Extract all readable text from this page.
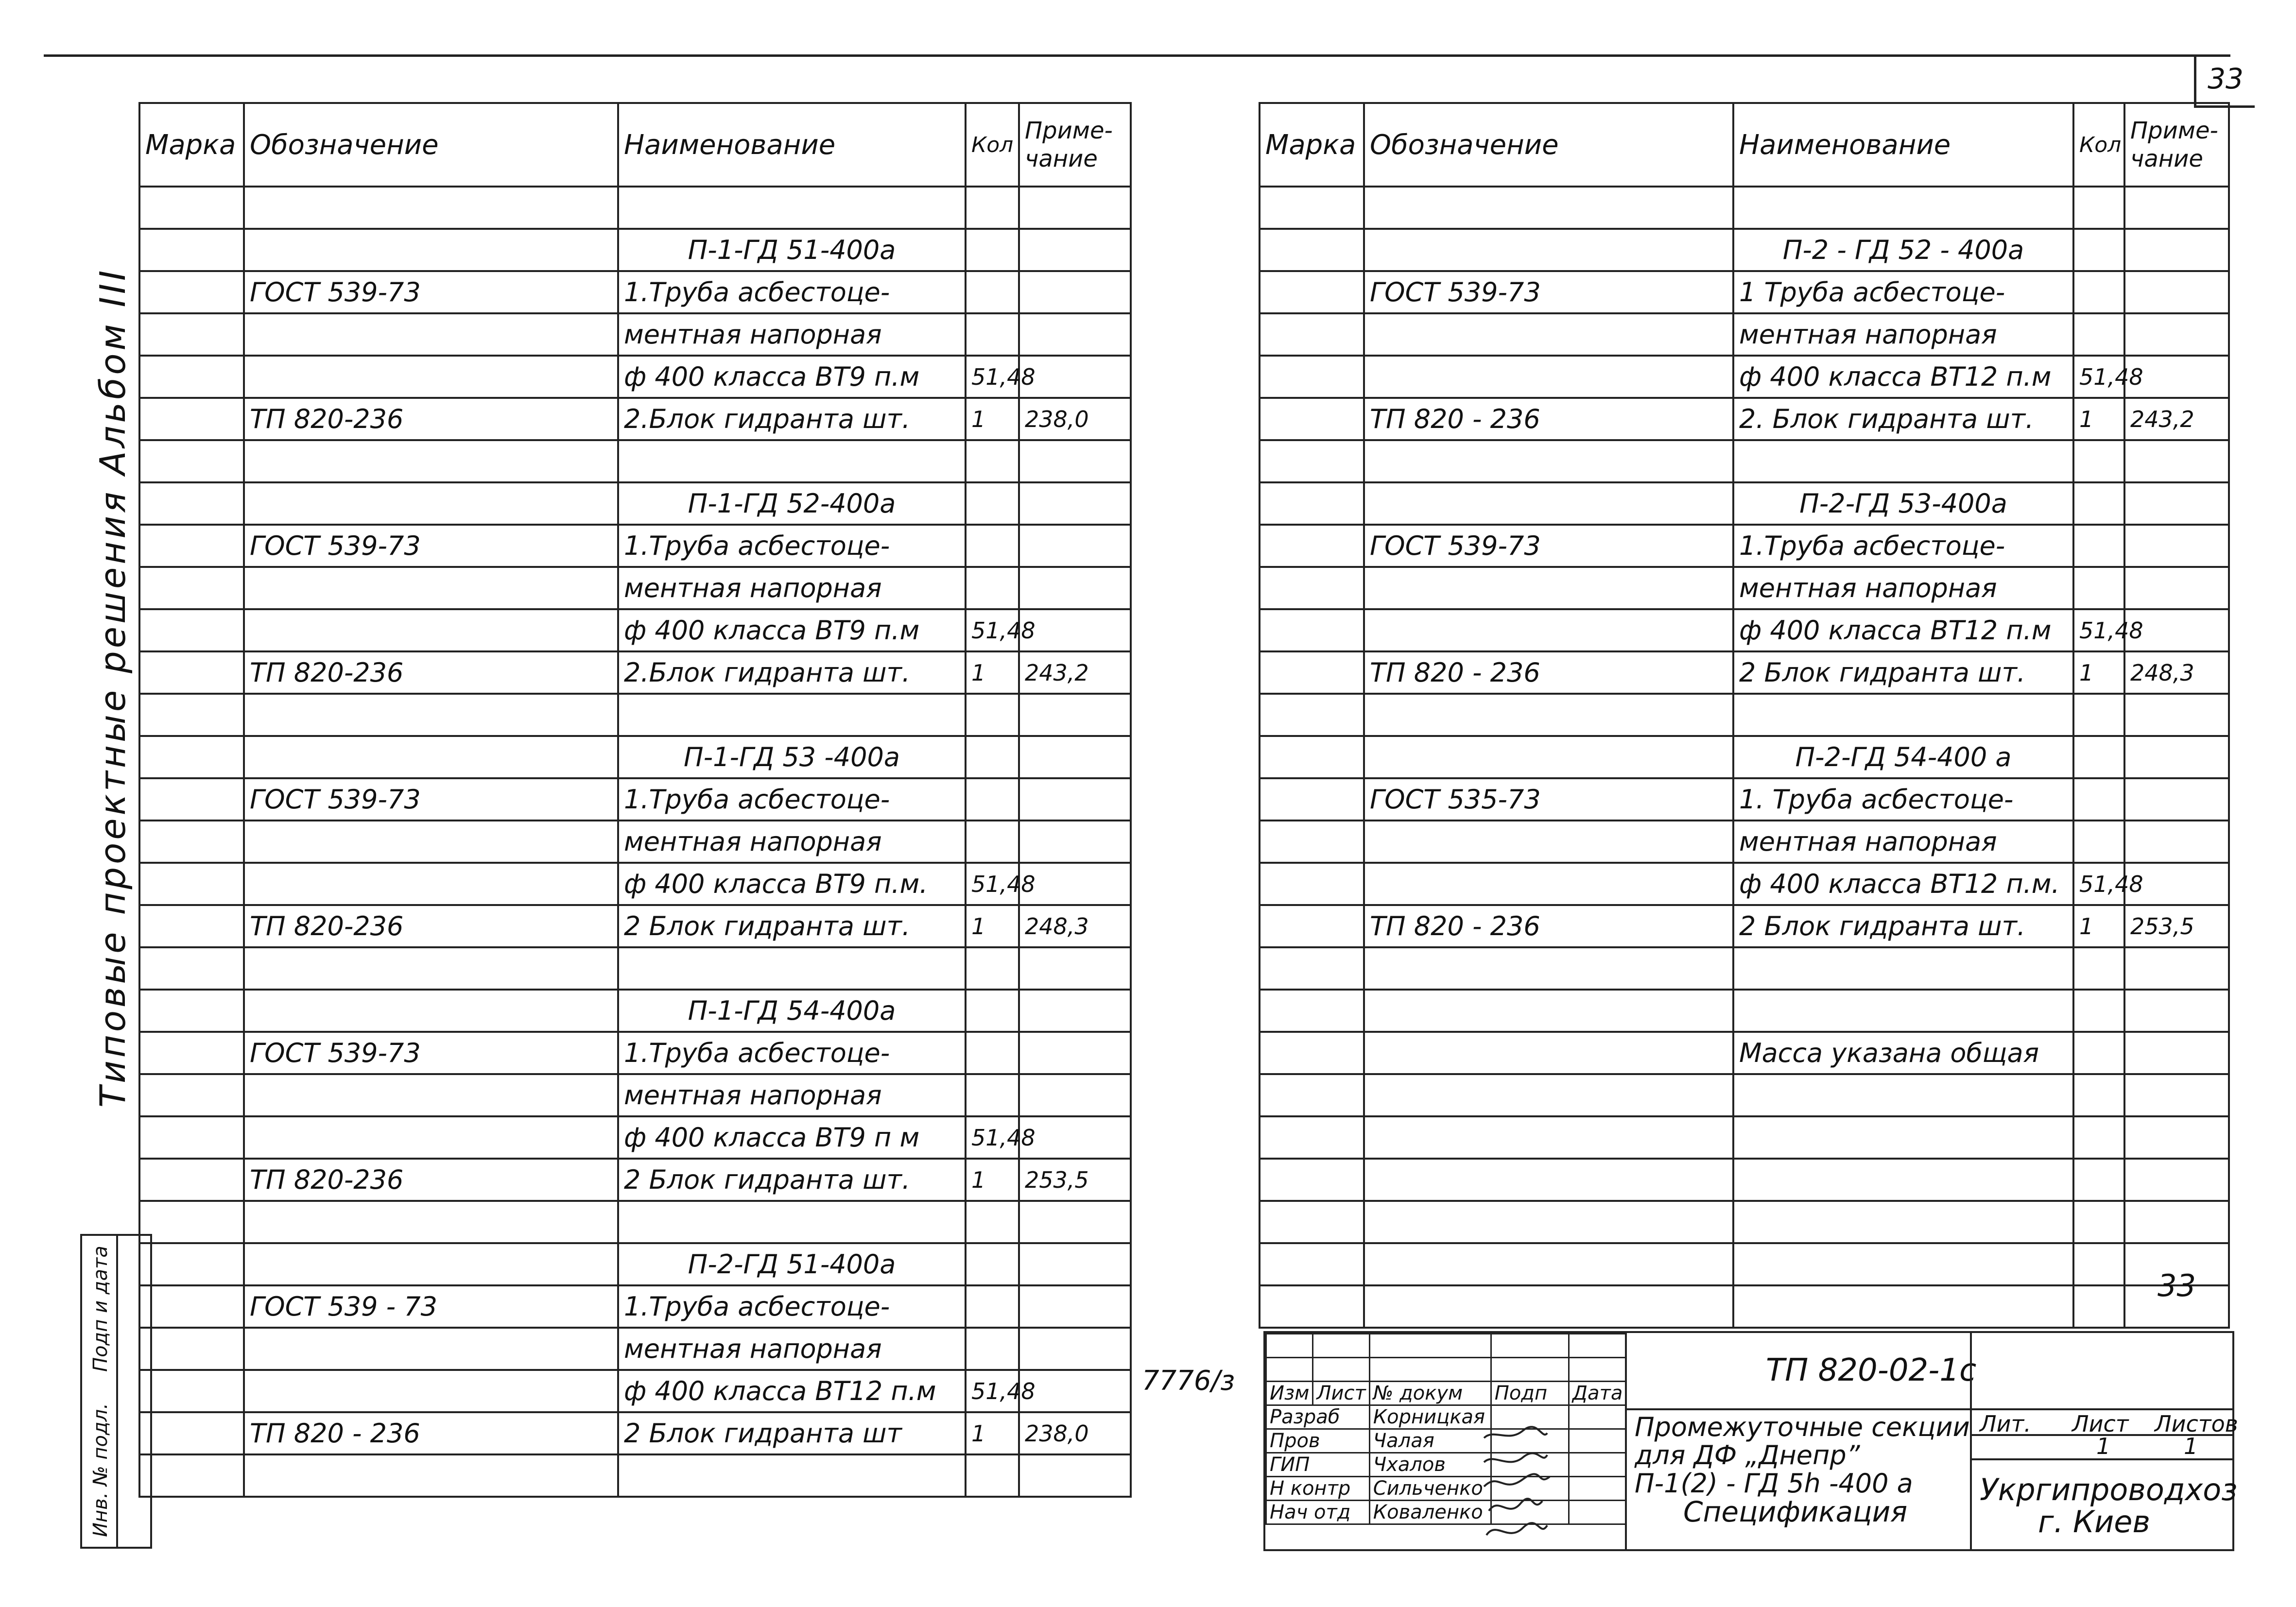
33
Типовые проектные решения Альбом III
Инв. № подл.
Подп и дата
Марка	Обозначение	Наименование	Кол	Приме-
чание

		П-1-ГД 51-400а		
	ГОСТ 539-73	1.Труба асбестоце-		
		ментная напорная		
		ф 400 класса ВТ9 п.м	51,48	
	ТП 820-236	2.Блок гидранта шт.	1	238,0

		П-1-ГД 52-400а		
	ГОСТ 539-73	1.Труба асбестоце-		
		ментная напорная		
		ф 400 класса ВТ9 п.м	51,48	
	ТП 820-236	2.Блок гидранта шт.	1	243,2

		П-1-ГД 53 -400а		
	ГОСТ 539-73	1.Труба асбестоце-		
		ментная напорная		
		ф 400 класса ВТ9 п.м.	51,48	
	ТП 820-236	2 Блок гидранта шт.	1	248,3

		П-1-ГД 54-400а		
	ГОСТ 539-73	1.Труба асбестоце-		
		ментная напорная		
		ф 400 класса ВТ9 п м	51,48	
	ТП 820-236	2 Блок гидранта шт.	1	253,5

		П-2-ГД 51-400а		
	ГОСТ 539 - 73	1.Труба асбестоце-		
		ментная напорная		
		ф 400 класса ВТ12 п.м	51,48	
	ТП 820 - 236	2 Блок гидранта шт	1	238,0

Марка	Обозначение	Наименование	Кол	Приме-
чание

		П-2 - ГД 52 - 400а		
	ГОСТ 539-73	1 Труба асбестоце-		
		ментная напорная		
		ф 400 класса ВТ12 п.м	51,48	
	ТП 820 - 236	2. Блок гидранта шт.	1	243,2

		П-2-ГД 53-400а		
	ГОСТ 539-73	1.Труба асбестоце-		
		ментная напорная		
		ф 400 класса ВТ12 п.м	51,48	
	ТП 820 - 236	2 Блок гидранта шт.	1	248,3

		П-2-ГД 54-400 а		
	ГОСТ 535-73	1. Труба асбестоце-		
		ментная напорная		
		ф 400 класса ВТ12 п.м.	51,48	
	ТП 820 - 236	2 Блок гидранта шт.	1	253,5

		Масса указана общая		

7776/з

				Изм	Лист	№ докум	Подп	Дата
Разраб		Корницкая		
Пров		Чалая		
ГИП		Чхалов		
Н контр		Сильченко		
Нач отд		Коваленко		
ТП 820-02-1с
Промежуточные секции
для ДФ „Днепр”
П-1(2) - ГД 5h -400 а
Спецификация
Лит. Лист Листов
1	1
Укргипроводхоз
г. Киев
33
